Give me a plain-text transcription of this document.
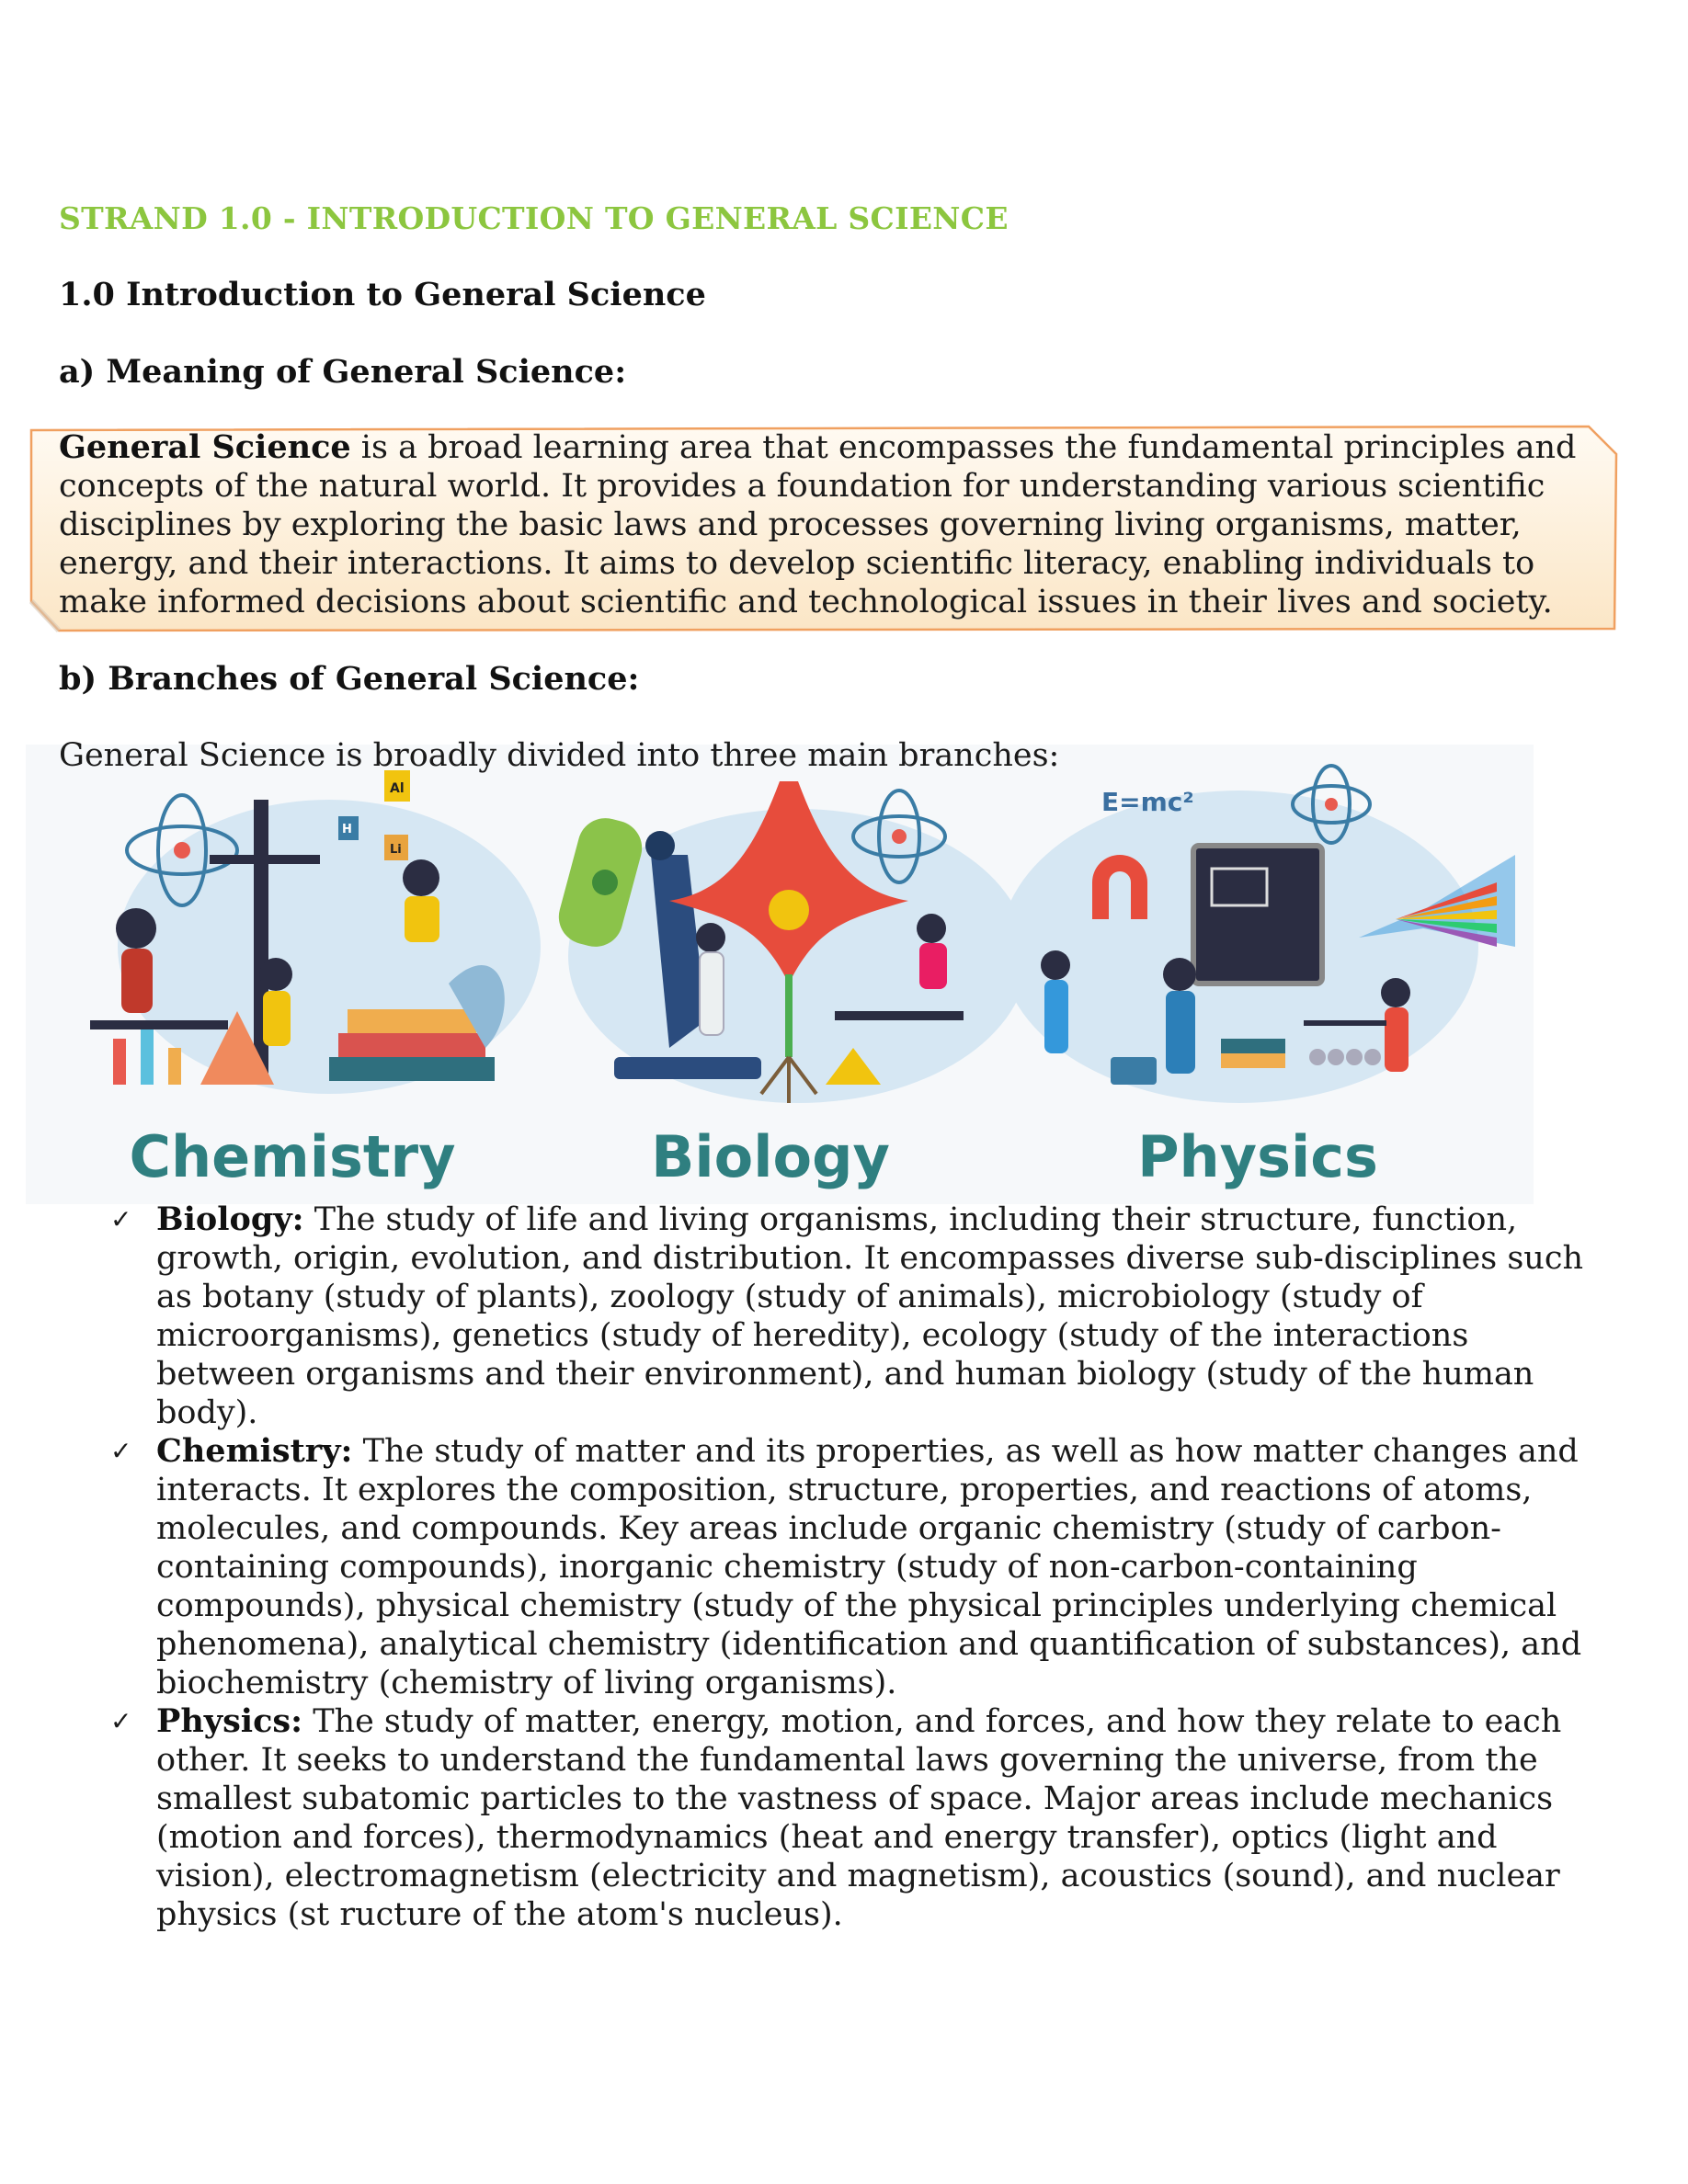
STRAND 1.0 - INTRODUCTION TO GENERAL SCIENCE
1.0 Introduction to General Science
a) Meaning of General Science:
General Science is a broad learning area that encompasses the fundamental principles and concepts of the natural world. It provides a foundation for understanding various scientific disciplines by exploring the basic laws and processes governing living organisms, matter, energy, and their interactions. It aims to develop scientific literacy, enabling individuals to make informed decisions about scientific and technological issues in their lives and society.
b) Branches of General Science:
Al
H
Li
E=mc²
Chemistry	Biology	Physics
General Science is broadly divided into three main branches:
✓ Biology: The study of life and living organisms, including their structure, function, growth, origin, evolution, and distribution. It encompasses diverse sub-disciplines such as botany (study of plants), zoology (study of animals), microbiology (study of microorganisms), genetics (study of heredity), ecology (study of the interactions between organisms and their environment), and human biology (study of the human body).
✓ Chemistry: The study of matter and its properties, as well as how matter changes and interacts. It explores the composition, structure, properties, and reactions of atoms, molecules, and compounds. Key areas include organic chemistry (study of carbon-containing compounds), inorganic chemistry (study of non-carbon-containing compounds), physical chemistry (study of the physical principles underlying chemical phenomena), analytical chemistry (identification and quantification of substances), and biochemistry (chemistry of living organisms).
✓ Physics: The study of matter, energy, motion, and forces, and how they relate to each other. It seeks to understand the fundamental laws governing the universe, from the smallest subatomic particles to the vastness of space. Major areas include mechanics (motion and forces), thermodynamics (heat and energy transfer), optics (light and vision), electromagnetism (electricity and magnetism), acoustics (sound), and nuclear physics (st ructure of the atom's nucleus).
